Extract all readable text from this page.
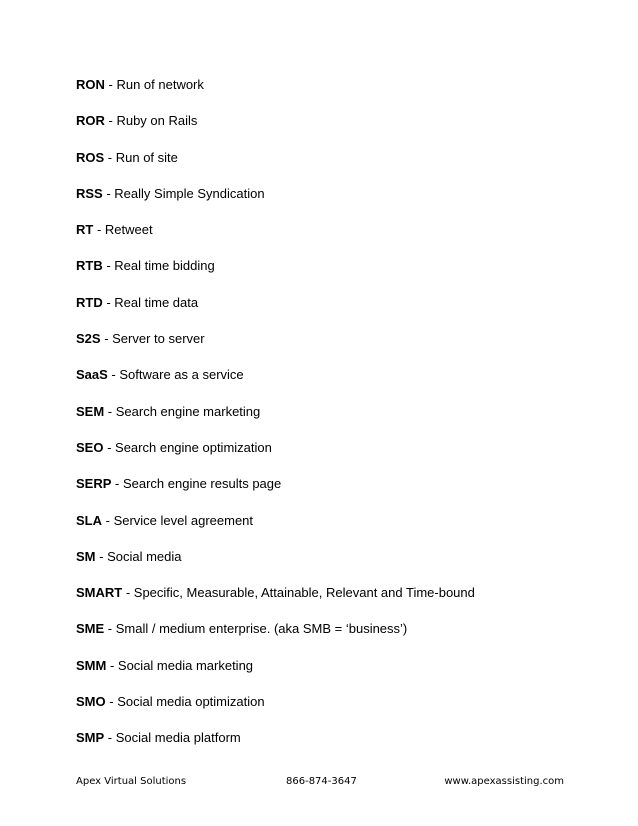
RON - Run of network
ROR - Ruby on Rails
ROS - Run of site
RSS - Really Simple Syndication
RT - Retweet
RTB - Real time bidding
RTD - Real time data
S2S - Server to server
SaaS - Software as a service
SEM - Search engine marketing
SEO - Search engine optimization
SERP - Search engine results page
SLA - Service level agreement
SM - Social media
SMART - Specific, Measurable, Attainable, Relevant and Time-bound
SME - Small / medium enterprise. (aka SMB = ‘business’)
SMM - Social media marketing
SMO - Social media optimization
SMP - Social media platform
Apex Virtual Solutions	866-874-3647	www.apexassisting.com
